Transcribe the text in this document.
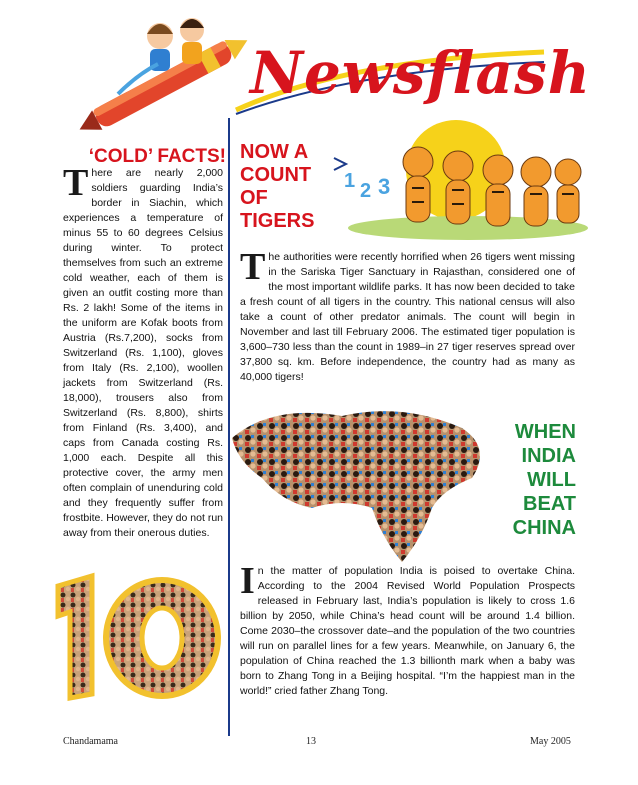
Newsflash
‘COLD’ FACTS!
T here are nearly 2,000 soldiers guarding India’s border in Siachin, which experiences a temperature of minus 55 to 60 degrees Celsius during winter. To protect themselves from such an extreme cold weather, each of them is given an outfit costing more than Rs. 2 lakh! Some of the items in the uniform are Kofak boots from Austria (Rs.7,200), socks from Switzerland (Rs. 1,100), gloves from Italy (Rs. 2,100), woollen jackets from Switzerland (Rs. 18,000), trousers also from Switzerland (Rs. 8,800), shirts from Finland (Rs. 3,400), and caps from Canada costing Rs. 1,000 each. Despite all this protective cover, the army men often complain of unenduring cold and they frequently suffer from frostbite. However, they do not run away from their onerous duties.
NOW A
COUNT
OF
TIGERS
1 2 3
T he authorities were recently horrified when 26 tigers went missing in the Sariska Tiger Sanctuary in Rajasthan, considered one of the most important wildlife parks. It has now been decided to take a fresh count of all tigers in the country. This national census will also take a count of other predator animals. The count will begin in November and last till February 2006. The estimated tiger population is 3,600–730 less than the count in 1989–in 27 tiger reserves spread over 37,800 sq. km. Before independence, the country had as many as 40,000 tigers!
WHEN
INDIA
WILL
BEAT
CHINA
I n the matter of population India is poised to overtake China. According to the 2004 Revised World Population Prospects released in February last, India’s population is likely to cross 1.6 billion by 2050, while China’s head count will be around 1.4 billion. Come 2030–the crossover date–and the population of the two countries will run on parallel lines for a few years. Meanwhile, on January 6, the population of China reached the 1.3 billionth mark when a baby was born to Zhang Tong in a Beijing hospital. “I’m the happiest man in the world!” cried father Zhang Tong.
Chandamama	13	May 2005
